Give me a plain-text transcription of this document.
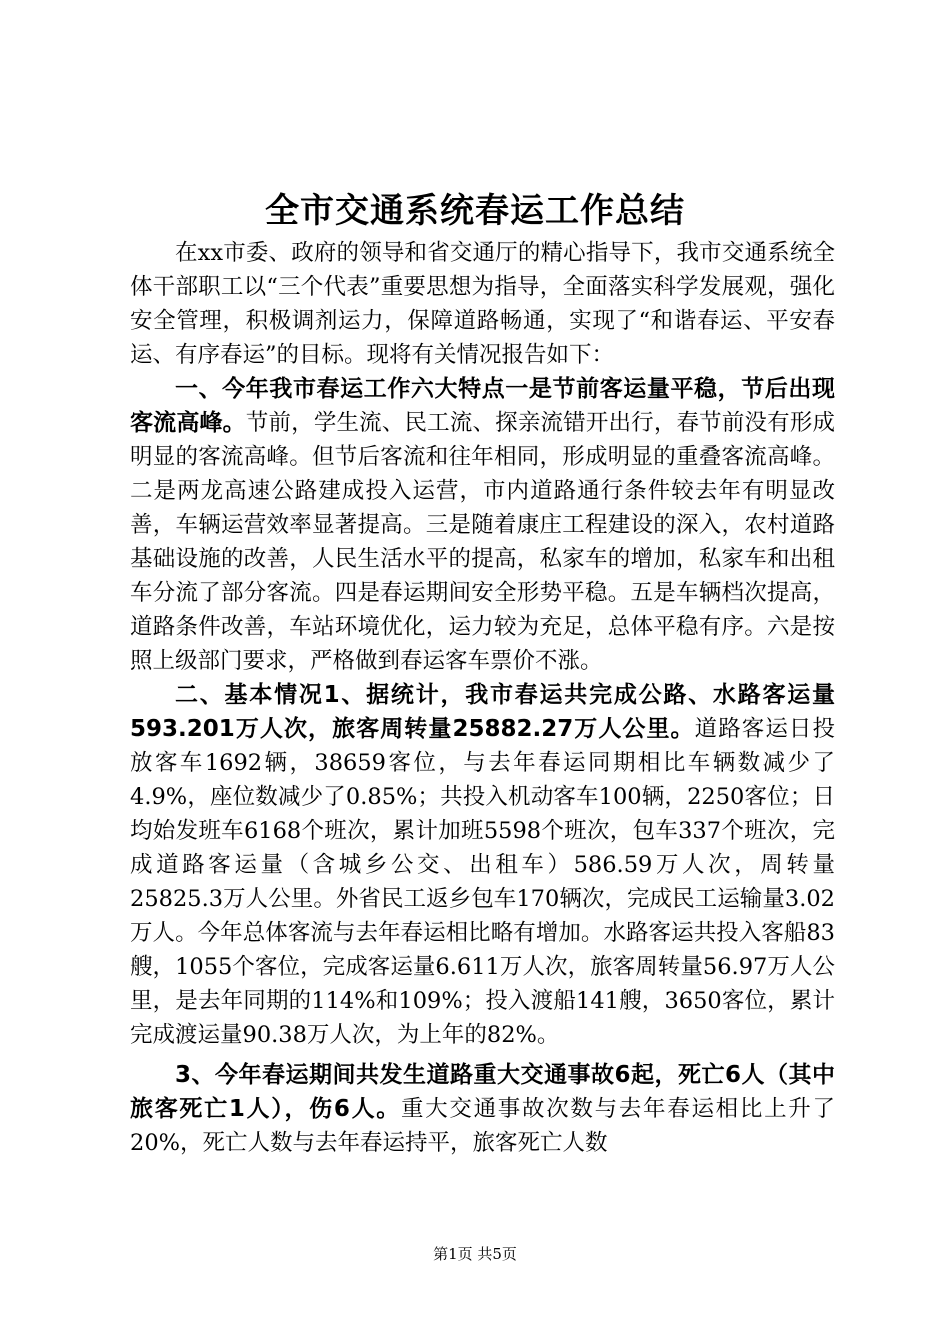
全市交通系统春运工作总结

在xx市委、政府的领导和省交通厅的精心指导下，我市交通系统全体干部职工以“三个代表”重要思想为指导，全面落实科学发展观，强化安全管理，积极调剂运力，保障道路畅通，实现了“和谐春运、平安春运、有序春运”的目标。现将有关情况报告如下：

一、今年我市春运工作六大特点一是节前客运量平稳，节后出现客流高峰。节前，学生流、民工流、探亲流错开出行，春节前没有形成明显的客流高峰。但节后客流和往年相同，形成明显的重叠客流高峰。二是两龙高速公路建成投入运营，市内道路通行条件较去年有明显改善，车辆运营效率显著提高。三是随着康庄工程建设的深入，农村道路基础设施的改善，人民生活水平的提高，私家车的增加，私家车和出租车分流了部分客流。四是春运期间安全形势平稳。五是车辆档次提高，道路条件改善，车站环境优化，运力较为充足，总体平稳有序。六是按照上级部门要求，严格做到春运客车票价不涨。

二、基本情况1、据统计，我市春运共完成公路、水路客运量593.201万人次，旅客周转量25882.27万人公里。道路客运日投放客车1692辆，38659客位，与去年春运同期相比车辆数减少了4.9%，座位数减少了0.85%；共投入机动客车100辆，2250客位；日均始发班车6168个班次，累计加班5598个班次，包车337个班次，完成道路客运量（含城乡公交、出租车）586.59万人次，周转量25825.3万人公里。外省民工返乡包车170辆次，完成民工运输量3.02万人。今年总体客流与去年春运相比略有增加。水路客运共投入客船83艘，1055个客位，完成客运量6.611万人次，旅客周转量56.97万人公里，是去年同期的114%和109%；投入渡船141艘，3650客位，累计完成渡运量90.38万人次，为上年的82%。

3、今年春运期间共发生道路重大交通事故6起，死亡6人（其中旅客死亡1人），伤6人。重大交通事故次数与去年春运相比上升了20%，死亡人数与去年春运持平，旅客死亡人数

第1页 共5页
